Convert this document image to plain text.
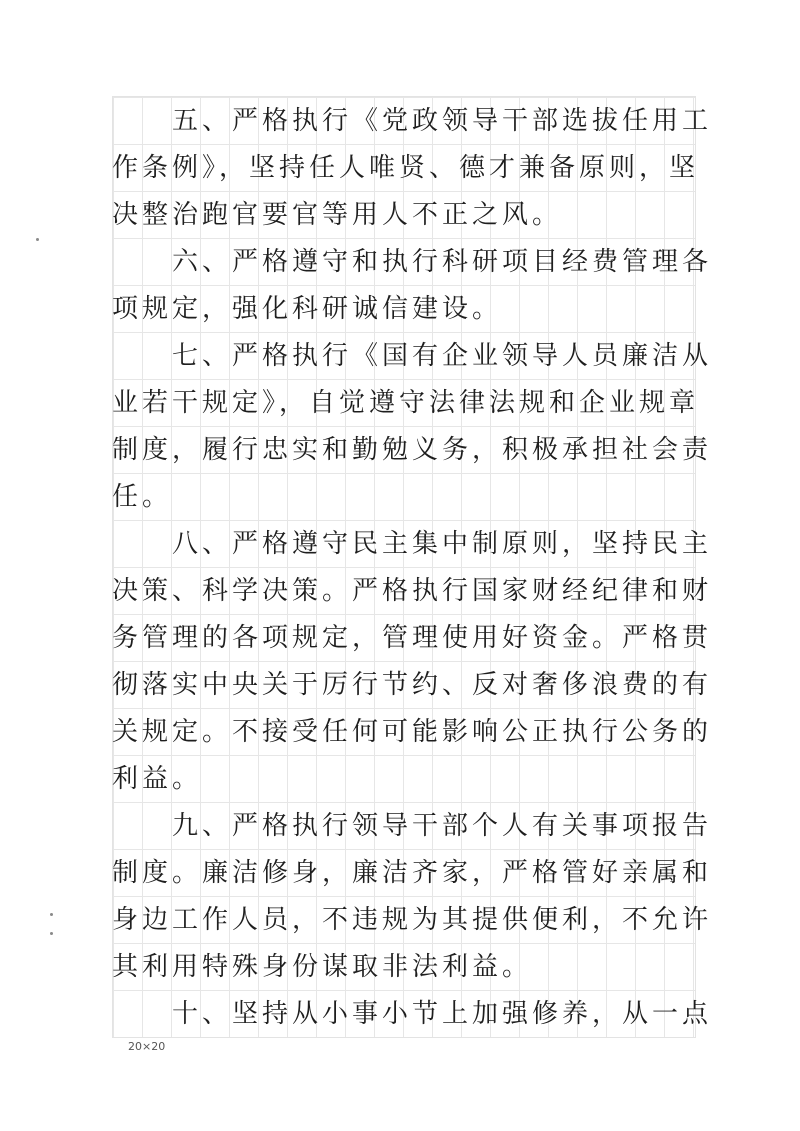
　　五、严格执行《党政领导干部选拔任用工
作条例》，坚持任人唯贤、德才兼备原则，坚
决整治跑官要官等用人不正之风。
　　六、严格遵守和执行科研项目经费管理各
项规定，强化科研诚信建设。
　　七、严格执行《国有企业领导人员廉洁从
业若干规定》，自觉遵守法律法规和企业规章
制度，履行忠实和勤勉义务，积极承担社会责
任。
　　八、严格遵守民主集中制原则，坚持民主
决策、科学决策。严格执行国家财经纪律和财
务管理的各项规定，管理使用好资金。严格贯
彻落实中央关于厉行节约、反对奢侈浪费的有
关规定。不接受任何可能影响公正执行公务的
利益。
　　九、严格执行领导干部个人有关事项报告
制度。廉洁修身，廉洁齐家，严格管好亲属和
身边工作人员，不违规为其提供便利，不允许
其利用特殊身份谋取非法利益。
　　十、坚持从小事小节上加强修养，从一点
20×20
